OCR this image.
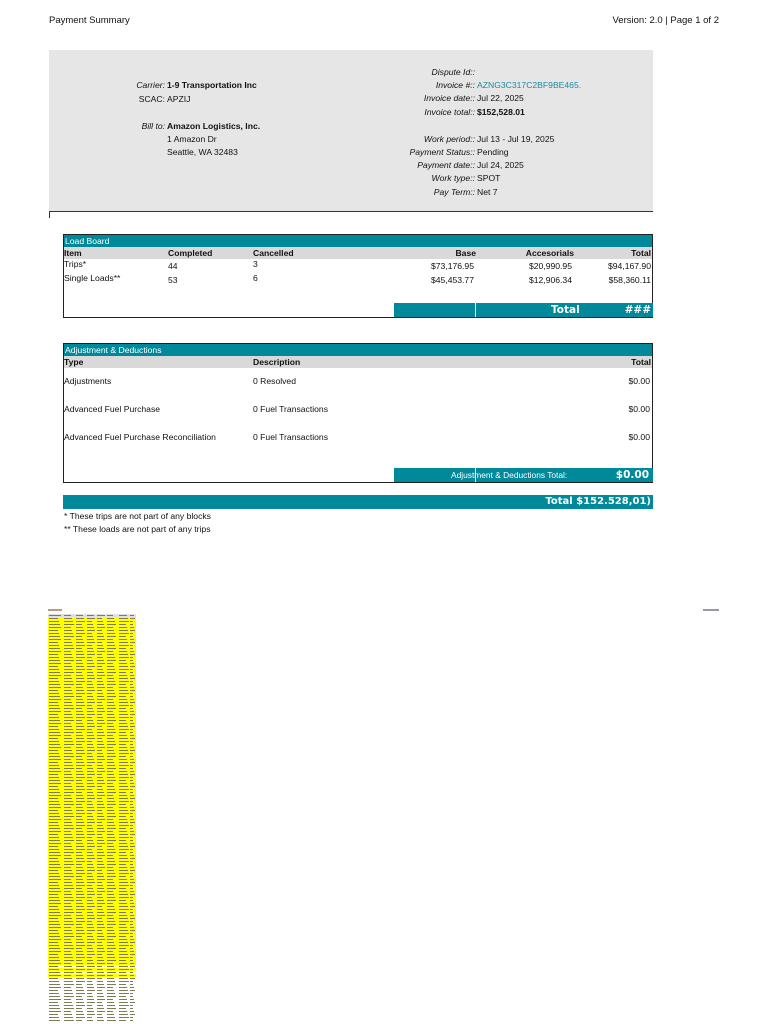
Payment Summary	Version: 2.0 | Page 1 of 2
Carrier: 1-9 Transportation Inc
SCAC: APZIJ
Bill to: Amazon Logistics, Inc.
1 Amazon Dr
Seattle, WA 32483
Dispute Id::
Invoice #:: AZNG3C317C2BF9BE465.
Invoice date:: Jul 22, 2025
Invoice total:: $152,528.01
Work period:: Jul 13 - Jul 19, 2025
Payment Status:: Pending
Payment date:: Jul 24, 2025
Work type:: SPOT
Pay Term:: Net 7
Load Board
Item	Completed	Cancelled	Base	Accesorials	Total
Trips*	44	3	$73,176.95	$20,990.95	$94,167.90
Single Loads**	53	6	$45,453.77	$12,906.34	$58,360.11
Total	###
Adjustment & Deductions
Type	Description	Total
Adjustments	0 Resolved	$0.00
Advanced Fuel Purchase	0 Fuel Transactions	$0.00
Advanced Fuel Purchase Reconciliation	0 Fuel Transactions	$0.00
Adjustment & Deductions Total:	$0.00
Total $152.528,01)
* These trips are not part of any blocks
** These loads are not part of any trips
